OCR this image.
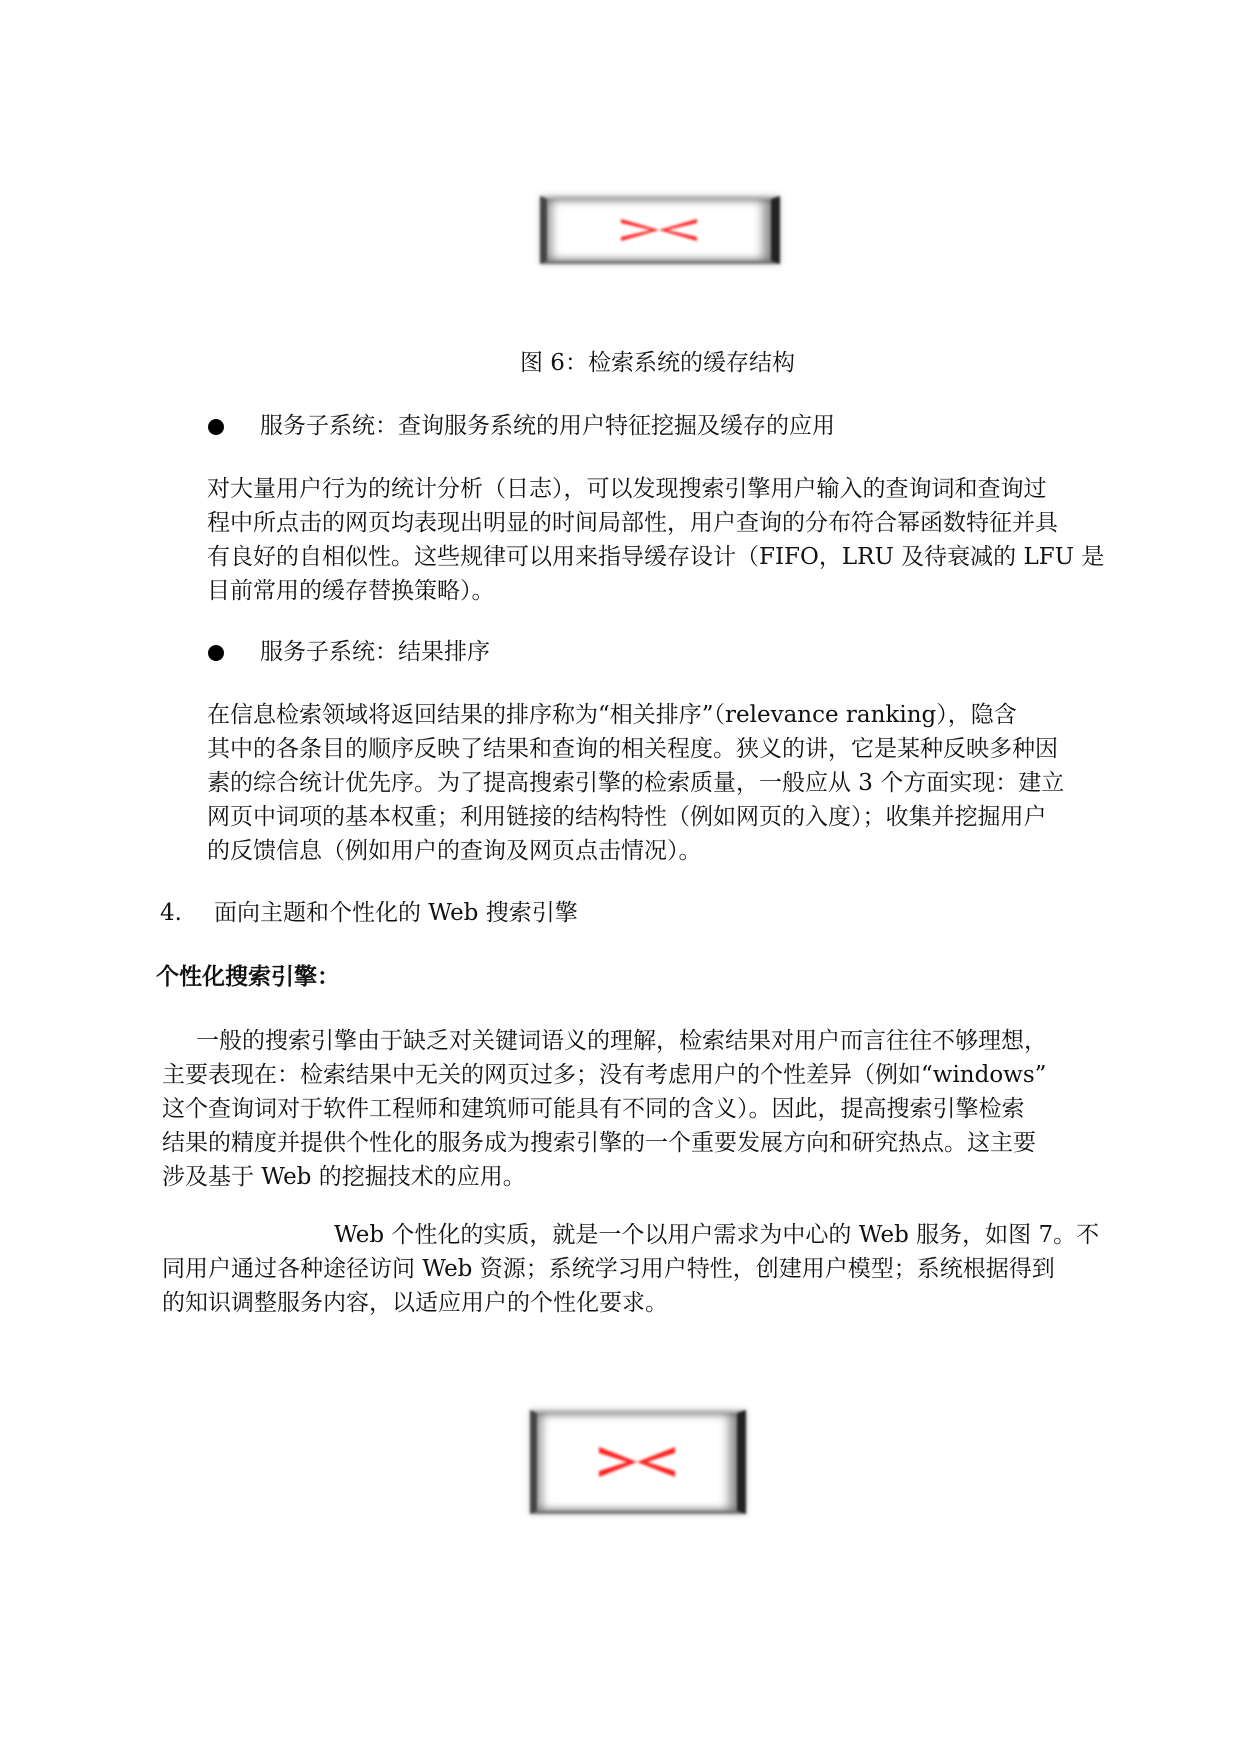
图 6：检索系统的缓存结构
服务子系统：查询服务系统的用户特征挖掘及缓存的应用
对大量用户行为的统计分析（日志），可以发现搜索引擎用户输入的查询词和查询过
程中所点击的网页均表现出明显的时间局部性，用户查询的分布符合幂函数特征并具
有良好的自相似性。这些规律可以用来指导缓存设计（FIFO，LRU 及待衰减的 LFU 是
目前常用的缓存替换策略）。
服务子系统：结果排序
在信息检索领域将返回结果的排序称为“相关排序”（relevance ranking），隐含
其中的各条目的顺序反映了结果和查询的相关程度。狭义的讲，它是某种反映多种因
素的综合统计优先序。为了提高搜索引擎的检索质量，一般应从 3 个方面实现：建立
网页中词项的基本权重；利用链接的结构特性（例如网页的入度）；收集并挖掘用户
的反馈信息（例如用户的查询及网页点击情况）。
4. 面向主题和个性化的 Web 搜索引擎
个性化搜索引擎：
一般的搜索引擎由于缺乏对关键词语义的理解，检索结果对用户而言往往不够理想，
主要表现在：检索结果中无关的网页过多；没有考虑用户的个性差异（例如“windows”
这个查询词对于软件工程师和建筑师可能具有不同的含义）。因此，提高搜索引擎检索
结果的精度并提供个性化的服务成为搜索引擎的一个重要发展方向和研究热点。这主要
涉及基于 Web 的挖掘技术的应用。
Web 个性化的实质，就是一个以用户需求为中心的 Web 服务，如图 7。不
同用户通过各种途径访问 Web 资源；系统学习用户特性，创建用户模型；系统根据得到
的知识调整服务内容，以适应用户的个性化要求。
